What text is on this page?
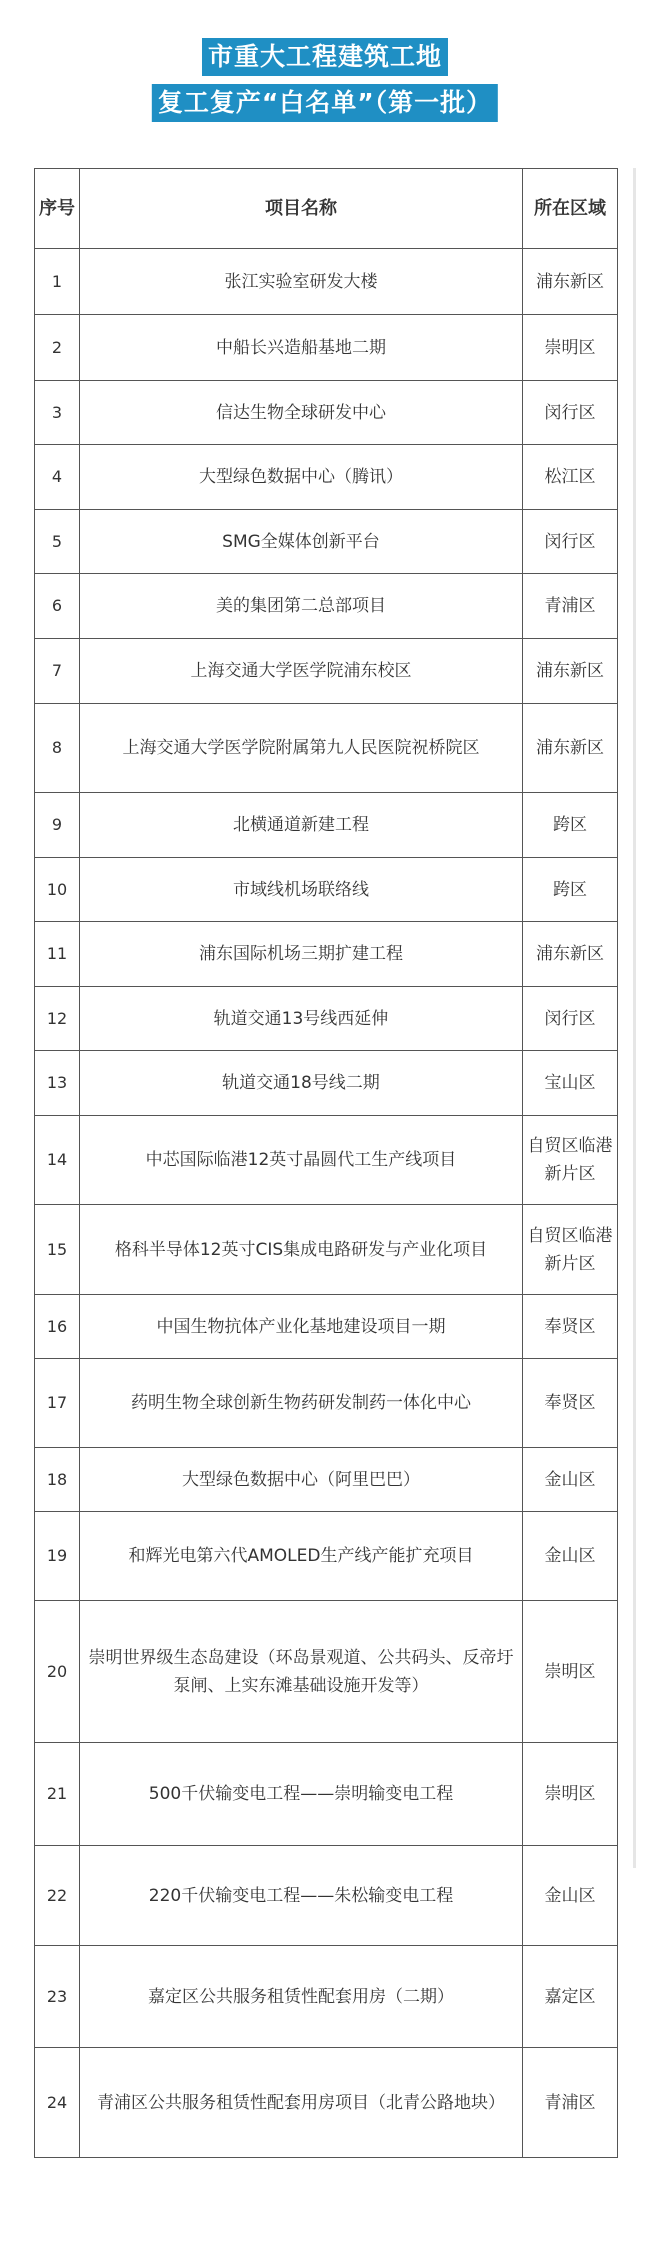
市重大工程建筑工地
复工复产“白名单”（第一批）
序号	项目名称	所在区域
1	张江实验室研发大楼	浦东新区
2	中船长兴造船基地二期	崇明区
3	信达生物全球研发中心	闵行区
4	大型绿色数据中心（腾讯）	松江区
5	SMG全媒体创新平台	闵行区
6	美的集团第二总部项目	青浦区
7	上海交通大学医学院浦东校区	浦东新区
8	上海交通大学医学院附属第九人民医院祝桥院区	浦东新区
9	北横通道新建工程	跨区
10	市域线机场联络线	跨区
11	浦东国际机场三期扩建工程	浦东新区
12	轨道交通13号线西延伸	闵行区
13	轨道交通18号线二期	宝山区
14	中芯国际临港12英寸晶圆代工生产线项目	自贸区临港新片区
15	格科半导体12英寸CIS集成电路研发与产业化项目	自贸区临港新片区
16	中国生物抗体产业化基地建设项目一期	奉贤区
17	药明生物全球创新生物药研发制药一体化中心	奉贤区
18	大型绿色数据中心（阿里巴巴）	金山区
19	和辉光电第六代AMOLED生产线产能扩充项目	金山区
20	崇明世界级生态岛建设（环岛景观道、公共码头、反帝圩泵闸、上实东滩基础设施开发等）	崇明区
21	500千伏输变电工程——崇明输变电工程	崇明区
22	220千伏输变电工程——朱松输变电工程	金山区
23	嘉定区公共服务租赁性配套用房（二期）	嘉定区
24	青浦区公共服务租赁性配套用房项目（北青公路地块）	青浦区
